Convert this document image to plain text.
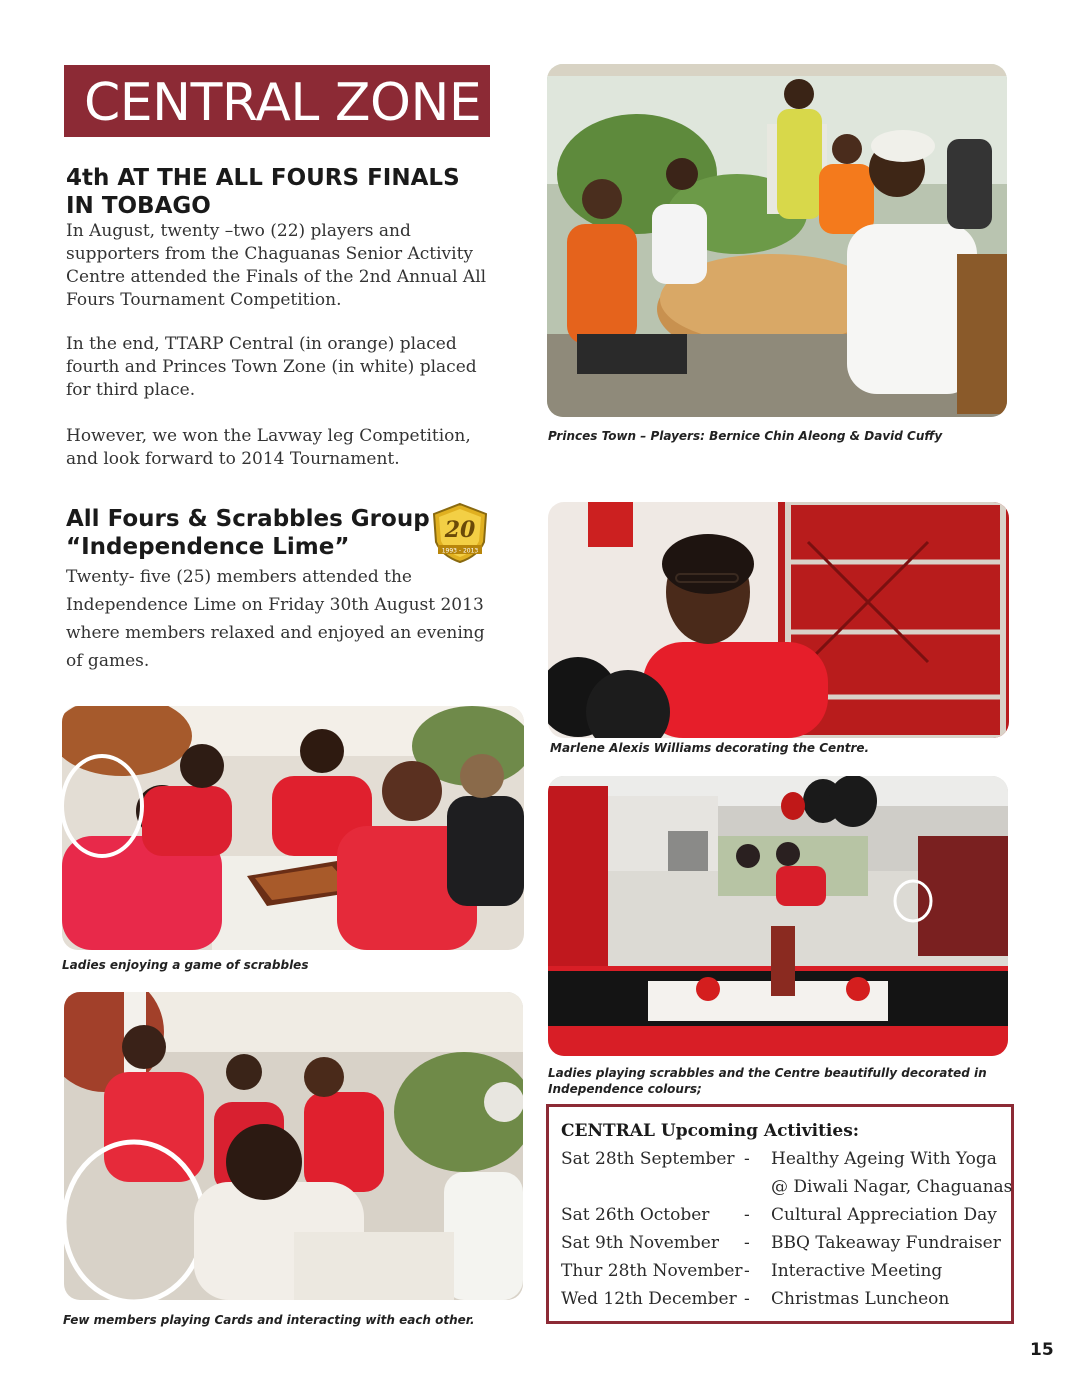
CENTRAL ZONE
4th AT THE ALL FOURS FINALS
IN TOBAGO

In August, twenty –two (22) players and supporters from the Chaguanas Senior Activity Centre attended the Finals of the 2nd Annual All Fours Tournament Competition.

In the end, TTARP Central (in orange) placed fourth and Princes Town Zone (in white) placed for third place.

However, we won the Lavway leg Competition, and look forward to 2014 Tournament.

All Fours & Scrabbles Group
“Independence Lime”
20
1993 - 2013

Twenty- five (25) members attended the Independence Lime on Friday 30th August 2013 where members relaxed and enjoyed an evening of games.

Princes Town – Players: Bernice Chin Aleong & David Cuffy

Marlene Alexis Williams decorating the Centre.

Ladies enjoying a game of scrabbles

Ladies playing scrabbles and the Centre beautifully decorated in Independence colours;

Few members playing Cards and interacting with each other.

CENTRAL Upcoming Activities:
Sat 28th September - Healthy Ageing With Yoga
@ Diwali Nagar, Chaguanas
Sat 26th October - Cultural Appreciation Day
Sat 9th November - BBQ Takeaway Fundraiser
Thur 28th November - Interactive Meeting
Wed 12th December - Christmas Luncheon
15
